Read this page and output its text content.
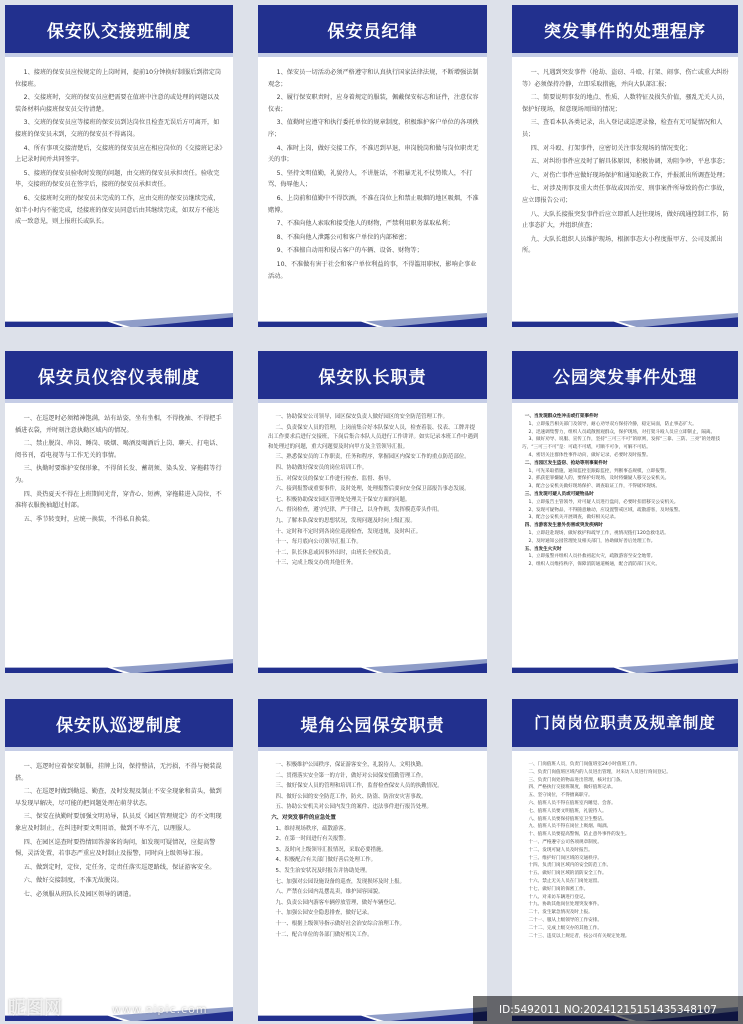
保安队交接班制度

1、接班的保安员应按规定的上岗时间，提前10分钟换好制服后到指定岗位接班。

2、交接班时，交班的保安员应把需要在值班中注意的或处理的问题以及装备材料向接班保安员交待清楚。

3、交班的保安员应等接班的保安员到达岗位且检查无误后方可离开，如接班的保安员未到，交班的保安员不得离岗。

4、所有事项交接清楚后，交接班的保安员应在相应岗位的《交接班记录》上记录时间并共同签字。

5、接班的保安员验收时发现的问题，由交班的保安员承担责任。验收完毕，交接班的保安员在签字后，接班的保安员承担责任。

6、交接班时交班的保安员未完成的工作，应由交班的保安员继续完成，如半小时内不能完成，经接班的保安员同意后由其继续完成，如双方不能达成一致意见，则上报班长或队长。

保安员纪律

1、保安员一切活动必须严格遵守和认真执行国家法律法规，不断增强法制观念；

2、履行保安职责时，应身着规定的服装，佩戴保安标志和证件，注意仪容仪表；

3、值勤时应遵守和执行委托单位的规章制度，积极维护客户单位的各项秩序；

4、准时上岗，做好交接工作，不准迟到早退，串岗脱岗和做与岗位职责无关的事；

5、坚持文明值勤，礼貌待人，不讲脏话，不粗暴无礼不仗势欺人，不打骂、侮辱他人；

6、上岗前和值勤中不得饮酒，不准在岗位上和禁止吸烟的地区吸烟，不准赌博。

7、不准向他人索取和接受他人的财物，严禁利用职务谋取私利；

8、不准向他人泄露公司和客户单位的内部秘密；

9、不准擅自动用和侵占客户的车辆、设备、财物等；

10、不准做有害于社会和客户单位利益的事，不得滥用职权，影响企事业活动。

突发事件的处理程序

一、凡遇到突发事件（抢劫、盗窃、斗殴、打架、闹事、伤亡或重大纠纷等）必须保持冷静，立即采取措施，并向大队部汇报；

二、简要说明事发的地点、性质、人数特征及损失价值，骚乱无关人员，保护好现场，留意现场周围的情况；

三、查看本队各类记录，出入登记或巡逻录像，检查有无可疑情况和人员；

四、对斗殴、打架事件，应密切关注事发现场的情况变化；

五、对纠纷事件应及时了解具体原因，积极协调，劝阻争吵，平息事态；

六、对伤亡事件应做好现场保护和通知抢救工作，并报派出所调查处理；

七、对涉及刑事及重大责任事故或因治安、刑事案件所导致的伤亡事故，应立即报告公司；

八、大队长接报突发事件后应立即派人赶往现场，做好疏通控制工作，防止事态扩大，并组织侦查；

九、大队长组织人员维护现场，根据事态大小程度报甲方、公司及派出所。

保安员仪容仪表制度

一、在巡逻时必须精神饱满，站有站姿，坐有坐相，不得挽袖、不得把手插进衣袋，并时刻注意执勤区域内的情况。

二、禁止脱岗、串岗、睡岗、吸烟、喝酒及喝酒后上岗、聊天、打电话、阅书刊，看电视等与工作无关的事情。

三、执勤时要维护安保形象，不得留长发、蓄胡须、染头发、穿拖鞋等行为。

四、炎热夏天不得在上班期间光背，穿背心、短裤，穿拖鞋进入岗位，不准将衣服挽袖超过肘部。

五、季节转变时，应统一换装，不得私自换装。

保安队长职责

一、协助保安公司领导，园区保安负责人做好园区的安全防范管理工作。

二、负责保安人员的管理，上岗前集合好本队保安人员，检查着装、仪表、工牌并提出工作要求后进行交接班，下岗后集合本队人员进行工作讲评。如实记录本班工作中遇到和处理过的问题，重大问题要及时向甲方及主管领导汇报。

三、熟悉保安员的工作职责，任务和程序，掌握园区内保安工作的重点防范部位。

四、协助做好保安员的岗位培训工作。

五、对保安员的保安工作进行检查、监督、指导。

六、接到报警或重要事件，及时处理，处理报警后要向安全保卫部报告事态发展。

七、积极协助保安园区管理处处理关于保安方面的问题。

八、督岗检查，遵守纪律，严于律己，以身作则，发挥模范带头作用。

九、了解本队保安的思想状况，发现问题及时向上级汇报。

十、定时和不定时到各岗位巡视检查，发现违规，及时纠正。

十一、每月底向公司领导汇报工作。

十二、队长休息或因事外出时，由班长全权负责。

十三、完成上级交办的其他任务。

公园突发事件处理

一、当发现群众性冲击或打架事件时

1、立即报告相关部门及领导，耐心劝导双方保持冷静，稳定局面，防止事态扩大。

2、迅速调集警力，组织人员疏散围观群众，保护现场，对打架斗殴人员应立即制止，隔离。

3、做好劝导、说服、宣传工作，坚持“三可三不可”的原则，发挥“三靠、三防、三亮”的处理技巧，“三可三不可”是：可疏不可堵，可顺不可争，可解不可结。

4、密切关注群体性事件动向，做好记录，必要时及时报警。

二、当园区发生盗窃、抢劫等刑事案件时

1、可先采取措施，通知监控室跟踪监控，判断事态规模，立即报警。

2、抓获犯罪嫌疑人的，要保护好现场，及时将嫌疑人移交公安机关。

3、配合公安机关做好现场保护、调查取证工作，不得破坏现场。

三、当发现可疑人员或可疑物品时

1、立即报告主管领导，对可疑人员进行盘问，必要时扣留移交公安机关。

2、发现可疑物品，不得随意触动，应设置警戒区域，疏散游客，及时报警。

3、配合公安机关开展调查，做好相关记录。

四、当游客发生意外伤害或突发疾病时

1、立即赶赴现场，做好救护和疏导工作，视情况拨打120急救电话。

2、及时通知公园管理处及相关部门，协助做好善后处理工作。

五、当发生火灾时

1、立即报警并组织人员扑救初起火灾，疏散游客至安全地带。

2、组织人员维持秩序，保障消防通道畅通，配合消防部门灭火。

保安队巡逻制度

一、巡逻时应着保安制服，挂牌上岗，保持整洁，无污损，不得与便装混搭。

二、在巡逻时做到勤巡、勤查，及时发现及制止不安全现象和苗头，做到早发现早解决，尽可能的把问题处理在萌芽状态。

三、保安在执勤时要加强文明劝导，队员反《园区管理规定》的不文明现象应及时制止，在纠违时要文明用语，做到不卑不亢，以理服人。

四、在园区巡查时要热情回答游客的询问，如发现可疑情况，应提高警惕，灵活处置，若事态严重应及时制止及报警，同时向上级领导汇报。

五、做到定时，定位，定任务，定责任落实巡逻路线，保证游客安全。

六、做好交接制度，不准无故脱岗。

七、必须服从班队长及园区领导的调遣。

堤角公园保安职责

一、积极维护公园秩序，保证游客安全，礼貌待人，文明执勤。

二、贯彻落实安全第一的方针，做好对公园保安值勤管理工作。

三、做好保安人员的管理和培训工作，监督检查保安人员的执勤情况。

四、做好公园的安全防范工作，防火、防盗、防治安灾害事故。

五、协助公安机关对公园内发生的案件、违法事件进行报告处理。

六、对突发事件的应急处置

1、维持现场秩序，疏散游客。

2、在第一时间进行有关报警。

3、及时向上级领导汇报情况，采取必要措施。

4、积极配合有关部门做好善后处理工作。

5、发生治安状况及时报告并协助处理。

七、加强对公园设施设备的巡查，发现损坏及时上报。

八、严禁在公园内乱摆乱卖，维护园容园貌。

九、负责公园内游客车辆停放管理，做好车辆登记。

十、加强公园安全隐患排查，做好记录。

十一、根据上级领导指示做好社会治安综合治理工作。

十二、配合单位的各部门做好相关工作。

门岗岗位职责及规章制度

一、门岗值班人员，负责门岗值班室24小时值班工作。

二、负责门岗值班区域内的人员进出管理，对来访人员进行询问登记。

三、负责门岗处的物品进出管理，核对出门条。

四、严格执行交接班制度，做好值班记录。

五、坚守岗位，不得擅离职守。

六、值班人员不得在值班室内睡觉、会客。

七、值班人员要文明值班，礼貌待人。

八、值班人员要保持值班室卫生整洁。

九、值班人员不得在岗位上吸烟、喝酒。

十、值班人员要提高警惕，防止意外事件的发生。

十一、严格遵守公司各项规章制度。

十二、发现可疑人员及时报告。

十三、维护好门岗区域的交通秩序。

十四、负责门岗区域内的安全防范工作。

十五、做好门岗区域的消防安全工作。

十六、禁止无关人员在门岗处逗留。

十七、做好门岗的保密工作。

十八、对来访车辆进行登记。

十九、协助其他岗位处理突发事件。

二十、发生紧急情况及时上报。

二十一、服从上级领导的工作安排。

二十二、完成上级交办的其他工作。

二十三、违反以上规定者，按公司有关规定处理。

昵图网	www.nipic.com	ID:5492011 NO:20241215151435348107
